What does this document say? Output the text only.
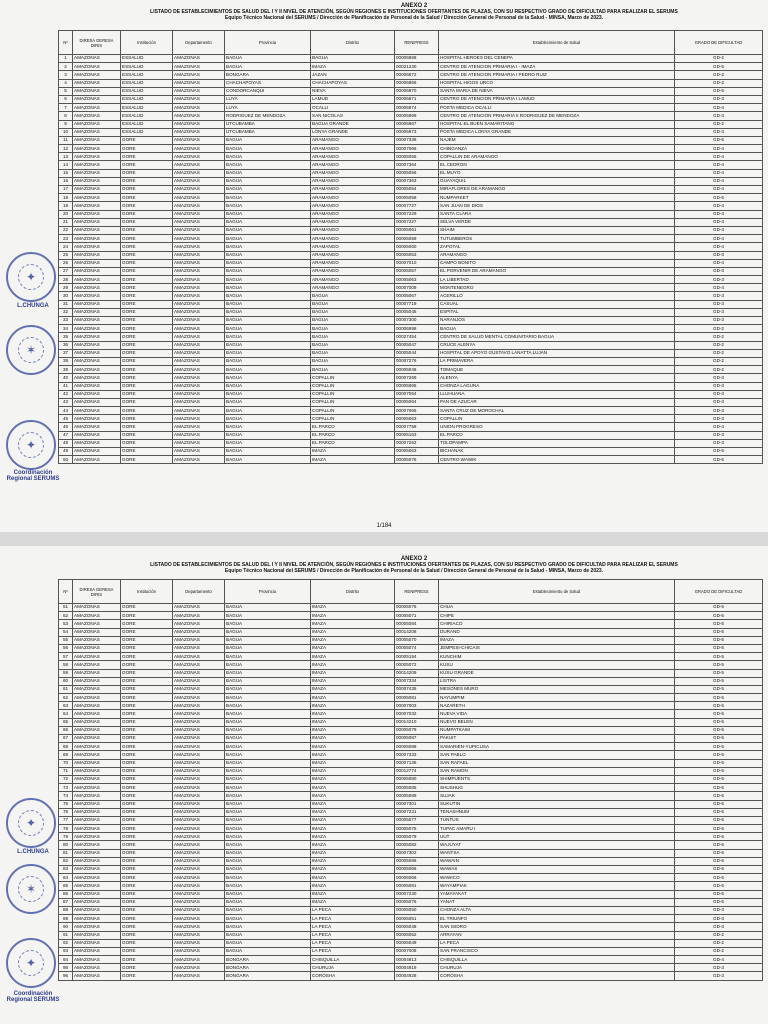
✦
L.CHUNGA
✶
✦
Coordinación Regional SERUMS
ANEXO 2
LISTADO DE ESTABLECIMIENTOS DE SALUD DEL I Y II NIVEL DE ATENCIÓN, SEGÚN REGIONES E INSTITUCIONES OFERTANTES DE PLAZAS, CON SU RESPECTIVO GRADO DE DIFICULTAD PARA REALIZAR EL SERUMS
Equipo Técnico Nacional del SERUMS / Dirección de Planificación de Personal de la Salud / Dirección General de Personal de la Salud - MINSA, Marzo de 2023.
Nº	DIRESA GERESA DIRIS	Institución	Departamento	Provincia	Distrito	RENIPRESS	Establecimiento de Salud	GRADO DE DIFICULTAD
1	AMAZONAS	ESSALUD	AMAZONAS	BAGUA	BAGUA	00006868	HOSPITAL HEROES DEL CENEPA	GD-2
2	AMAZONAS	ESSALUD	AMAZONAS	BAGUA	IMAZA	00021230	CENTRO DE ATENCION PRIMARIA I - IMAZA	GD-5
3	AMAZONAS	ESSALUD	AMAZONAS	BONGARA	JAZAN	00006872	CENTRO DE ATENCION PRIMARIA I PEDRO RUIZ	GD-2
4	AMAZONAS	ESSALUD	AMAZONAS	CHACHAPOYAS	CHACHAPOYAS	00006866	HOSPITAL HIGOS URCO	GD-2
5	AMAZONAS	ESSALUD	AMAZONAS	CONDORCANQUI	NIEVA	00006870	SANTA MARIA DE NIEVA	GD-5
6	AMAZONAS	ESSALUD	AMAZONAS	LUYA	LAMUD	00006871	CENTRO DE ATENCION PRIMARIA I LAMUD	GD-3
7	AMAZONAS	ESSALUD	AMAZONAS	LUYA	OCALLI	00006874	POSTA MEDICA OCALLI	GD-4
8	AMAZONAS	ESSALUD	AMAZONAS	RODRIGUEZ DE MENDOZA	SAN NICOLAS	00006869	CENTRO DE ATENCION PRIMARIA II RODRIGUEZ DE MENDOZA	GD-3
9	AMAZONAS	ESSALUD	AMAZONAS	UTCUBAMBA	BAGUA GRANDE	00006867	HOSPITAL EL BUEN SAMARITANO	GD-2
10	AMAZONAS	ESSALUD	AMAZONAS	UTCUBAMBA	LONYA GRANDE	00006873	POSTA MEDICA LONYA GRANDE	GD-3
11	AMAZONAS	GORE	AMAZONAS	BAGUA	ARAMANGO	00007338	NAJEM	GD-5
12	AMAZONAS	GORE	AMAZONAS	BAGUA	ARAMANGO	00007066	CHINGANZA	GD-4
13	AMAZONAS	GORE	AMAZONAS	BAGUA	ARAMANGO	00005055	COPALLIN DE ARAMANGO	GD-4
14	AMAZONAS	GORE	AMAZONAS	BAGUA	ARAMANGO	00007364	EL CEDRON	GD-4
15	AMAZONAS	GORE	AMAZONAS	BAGUA	ARAMANGO	00005056	EL MUYO	GD-4
16	AMAZONAS	GORE	AMAZONAS	BAGUA	ARAMANGO	00007363	GUAYAQUIL	GD-4
17	AMAZONAS	GORE	AMAZONAS	BAGUA	ARAMANGO	00005054	MIRAFLORES DE ARAMANGO	GD-4
18	AMAZONAS	GORE	AMAZONAS	BAGUA	ARAMANGO	00005058	NUMPARKET	GD-5
19	AMAZONAS	GORE	AMAZONAS	BAGUA	ARAMANGO	00007727	SAN JUAN DE DIOS	GD-4
20	AMAZONAS	GORE	AMAZONAS	BAGUA	ARAMANGO	00007229	SANTA CLARA	GD-4
21	AMAZONAS	GORE	AMAZONAS	BAGUA	ARAMANGO	00007227	SELVA VERDE	GD-4
22	AMAZONAS	GORE	AMAZONAS	BAGUA	ARAMANGO	00005061	SHAIM	GD-4
23	AMAZONAS	GORE	AMAZONAS	BAGUA	ARAMANGO	00005059	TUTUMBEROS	GD-4
24	AMAZONAS	GORE	AMAZONAS	BAGUA	ARAMANGO	00005060	ZAPOTAL	GD-4
25	AMAZONAS	GORE	AMAZONAS	BAGUA	ARAMANGO	00005053	ARAMANGO	GD-3
26	AMAZONAS	GORE	AMAZONAS	BAGUA	ARAMANGO	00007010	CAMPO BONITO	GD-4
27	AMAZONAS	GORE	AMAZONAS	BAGUA	ARAMANGO	00005057	EL PORVENIR DE ARAMANGO	GD-3
28	AMAZONAS	GORE	AMAZONAS	BAGUA	ARAMANGO	00005063	LA LIBERTAD	GD-3
29	AMAZONAS	GORE	AMAZONAS	BAGUA	ARAMANGO	00007009	MONTENEGRO	GD-4
30	AMAZONAS	GORE	AMAZONAS	BAGUA	BAGUA	00005067	ACERILLO	GD-3
31	AMAZONAS	GORE	AMAZONAS	BAGUA	BAGUA	00007719	CASUAL	GD-3
32	AMAZONAS	GORE	AMAZONAS	BAGUA	BAGUA	00005045	ESPITAL	GD-3
33	AMAZONAS	GORE	AMAZONAS	BAGUA	BAGUA	00007300	NARANJOS	GD-3
34	AMAZONAS	GORE	AMAZONAS	BAGUA	BAGUA	00006998	BAGUA	GD-2
35	AMAZONAS	GORE	AMAZONAS	BAGUA	BAGUA	00027454	CENTRO DE SALUD MENTAL COMUNITARIO BAGUA	GD-2
36	AMAZONAS	GORE	AMAZONAS	BAGUA	BAGUA	00005047	CRUCE ALENYA	GD-2
37	AMAZONAS	GORE	AMAZONAS	BAGUA	BAGUA	00005044	HOSPITAL DE APOYO GUSTAVO LANATTA LUJAN	GD-2
38	AMAZONAS	GORE	AMAZONAS	BAGUA	BAGUA	00007276	LA PRIMAVERA	GD-2
39	AMAZONAS	GORE	AMAZONAS	BAGUA	BAGUA	00005046	TOMAQUE	GD-2
40	AMAZONAS	GORE	AMAZONAS	BAGUA	COPALLIN	00007269	ALENYA	GD-3
41	AMAZONAS	GORE	AMAZONAS	BAGUA	COPALLIN	00005065	CHONZA LAGUNA	GD-3
42	AMAZONAS	GORE	AMAZONAS	BAGUA	COPALLIN	00007064	LLUHUANA	GD-3
43	AMAZONAS	GORE	AMAZONAS	BAGUA	COPALLIN	00005064	PAN DE AZUCAR	GD-3
44	AMAZONAS	GORE	AMAZONAS	BAGUA	COPALLIN	00007065	SANTA CRUZ DE MOROCHAL	GD-3
45	AMAZONAS	GORE	AMAZONAS	BAGUA	COPALLIN	00005063	COPALLIN	GD-3
46	AMAZONAS	GORE	AMAZONAS	BAGUA	EL PARCO	00007758	UNION PROGRESO	GD-4
47	AMAZONAS	GORE	AMAZONAS	BAGUA	EL PARCO	00005163	EL PARCO	GD-3
48	AMAZONAS	GORE	AMAZONAS	BAGUA	EL PARCO	00007262	TOLOPAMPA	GD-3
49	AMAZONAS	GORE	AMAZONAS	BAGUA	IMAZA	00005063	BICHANAK	GD-5
50	AMAZONAS	GORE	AMAZONAS	BAGUA	IMAZA	00005076	CENTRO WAWIK	GD-5
1/184
✦
L.CHUNGA
✶
✦
Coordinación Regional SERUMS
ANEXO 2
LISTADO DE ESTABLECIMIENTOS DE SALUD DEL I Y II NIVEL DE ATENCIÓN, SEGÚN REGIONES E INSTITUCIONES OFERTANTES DE PLAZAS, CON SU RESPECTIVO GRADO DE DIFICULTAD PARA REALIZAR EL SERUMS
Equipo Técnico Nacional del SERUMS / Dirección de Planificación de Personal de la Salud / Dirección General de Personal de la Salud - MINSA, Marzo de 2023.
Nº	DIRESA GERESA DIRIS	Institución	Departamento	Provincia	Distrito	RENIPRESS	Establecimiento de Salud	GRADO DE DIFICULTAD
51	AMAZONAS	GORE	AMAZONAS	BAGUA	IMAZA	00005076	CHUA	GD-5
52	AMAZONAS	GORE	AMAZONAS	BAGUA	IMAZA	00005071	CHIPE	GD-5
53	AMAZONAS	GORE	AMAZONAS	BAGUA	IMAZA	00005084	CHIRIACO	GD-5
54	AMAZONAS	GORE	AMAZONAS	BAGUA	IMAZA	00014208	DURAND	GD-5
55	AMAZONAS	GORE	AMAZONAS	BAGUA	IMAZA	00005070	IMAZA	GD-5
56	AMAZONAS	GORE	AMAZONAS	BAGUA	IMAZA	00005074	JEMPESI-CHICAIS	GD-5
57	AMAZONAS	GORE	AMAZONAS	BAGUA	IMAZA	00005194	KUNCHIM	GD-5
58	AMAZONAS	GORE	AMAZONAS	BAGUA	IMAZA	00005072	KUSU	GD-5
59	AMAZONAS	GORE	AMAZONAS	BAGUA	IMAZA	00014209	KUSU GRANDE	GD-5
60	AMAZONAS	GORE	AMAZONAS	BAGUA	IMAZA	00007334	LISTRA	GD-5
61	AMAZONAS	GORE	AMAZONAS	BAGUA	IMAZA	00007435	MESONES MURO	GD-5
62	AMAZONAS	GORE	AMAZONAS	BAGUA	IMAZA	00005081	NAYUMPIM	GD-5
63	AMAZONAS	GORE	AMAZONAS	BAGUA	IMAZA	00007003	NAZARETH	GD-5
64	AMAZONAS	GORE	AMAZONAS	BAGUA	IMAZA	00007032	NUEVA VIDA	GD-5
65	AMAZONAS	GORE	AMAZONAS	BAGUA	IMAZA	00014210	NUEVO BELEN	GD-5
66	AMAZONAS	GORE	AMAZONAS	BAGUA	IMAZA	00005079	NUMPATKAIM	GD-5
67	AMAZONAS	GORE	AMAZONAS	BAGUA	IMAZA	00005087	PAKUIT	GD-5
68	AMAZONAS	GORE	AMAZONAS	BAGUA	IMAZA	00005088	SAMARIEN-YUPICUSA	GD-5
69	AMAZONAS	GORE	AMAZONAS	BAGUA	IMAZA	00007333	SAN PABLO	GD-5
70	AMAZONAS	GORE	AMAZONAS	BAGUA	IMAZA	00007136	SAN RAFAEL	GD-5
71	AMAZONAS	GORE	AMAZONAS	BAGUA	IMAZA	00012774	SAN RAMON	GD-5
72	AMAZONAS	GORE	AMAZONAS	BAGUA	IMAZA	00005080	SHIMPUENTS	GD-5
73	AMAZONAS	GORE	AMAZONAS	BAGUA	IMAZA	00005085	SHUSHUG	GD-5
74	AMAZONAS	GORE	AMAZONAS	BAGUA	IMAZA	00005089	SUJAK	GD-5
75	AMAZONAS	GORE	AMAZONAS	BAGUA	IMAZA	00007301	SUKUTIN	GD-5
76	AMAZONAS	GORE	AMAZONAS	BAGUA	IMAZA	00007231	TENASHNUM	GD-5
77	AMAZONAS	GORE	AMAZONAS	BAGUA	IMAZA	00005077	TUNTUS	GD-5
78	AMAZONAS	GORE	AMAZONAS	BAGUA	IMAZA	00005075	TUPAC AMARU I	GD-5
79	AMAZONAS	GORE	AMAZONAS	BAGUA	IMAZA	00005079	UUT	GD-5
80	AMAZONAS	GORE	AMAZONAS	BAGUA	IMAZA	00005082	WAJUYAT	GD-5
81	AMAZONAS	GORE	AMAZONAS	BAGUA	IMAZA	00007302	WANTSA	GD-5
82	AMAZONAS	GORE	AMAZONAS	BAGUA	IMAZA	00005086	WAWAIN	GD-5
83	AMAZONAS	GORE	AMAZONAS	BAGUA	IMAZA	00005066	WAWAS	GD-5
84	AMAZONAS	GORE	AMAZONAS	BAGUA	IMAZA	00006066	WAWICO	GD-5
85	AMAZONAS	GORE	AMAZONAS	BAGUA	IMAZA	00005081	WAYAMPIAK	GD-5
86	AMAZONAS	GORE	AMAZONAS	BAGUA	IMAZA	00007230	YAMAYAKAT	GD-5
87	AMAZONAS	GORE	AMAZONAS	BAGUA	IMAZA	00005076	YANAT	GD-5
88	AMAZONAS	GORE	AMAZONAS	BAGUA	LA PECA	00005050	CHONZA ALTA	GD-3
89	AMAZONAS	GORE	AMAZONAS	BAGUA	LA PECA	00005051	EL TRIUNFO	GD-3
90	AMAZONAS	GORE	AMAZONAS	BAGUA	LA PECA	00005048	SAN ISIDRO	GD-3
91	AMAZONAS	GORE	AMAZONAS	BAGUA	LA PECA	00005052	ARRAYAN	GD-2
92	AMAZONAS	GORE	AMAZONAS	BAGUA	LA PECA	00005049	LA PECA	GD-2
93	AMAZONAS	GORE	AMAZONAS	BAGUA	LA PECA	00007008	SAN FRANCISCO	GD-2
94	AMAZONAS	GORE	AMAZONAS	BONGARA	CHISQUILLA	00004913	CHISQUILLA	GD-4
95	AMAZONAS	GORE	AMAZONAS	BONGARA	CHURUJA	00004919	CHURUJA	GD-3
96	AMAZONAS	GORE	AMAZONAS	BONGARA	COROSHA	00004928	COROSHA	GD-3
